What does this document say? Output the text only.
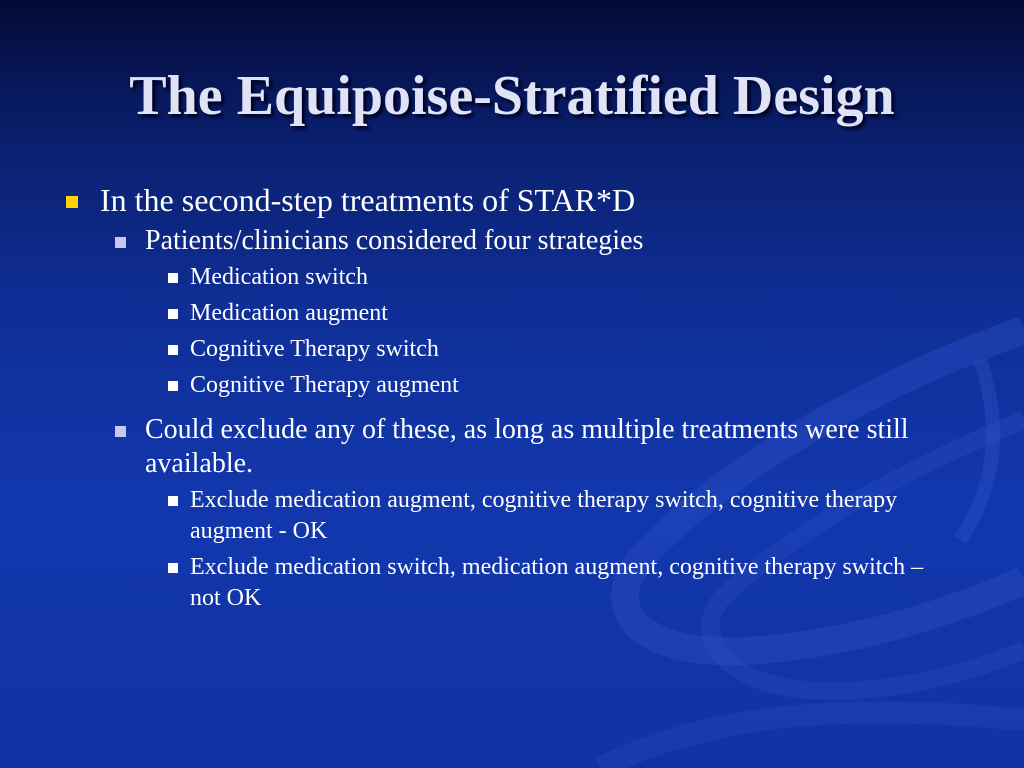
The Equipoise-Stratified Design
In the second-step treatments of STAR*D
Patients/clinicians considered four strategies
Medication switch
Medication augment
Cognitive Therapy switch
Cognitive Therapy augment
Could exclude any of these, as long as multiple treatments were still available.
Exclude medication augment, cognitive therapy switch, cognitive therapy augment - OK
Exclude medication switch, medication augment, cognitive therapy switch – not OK
